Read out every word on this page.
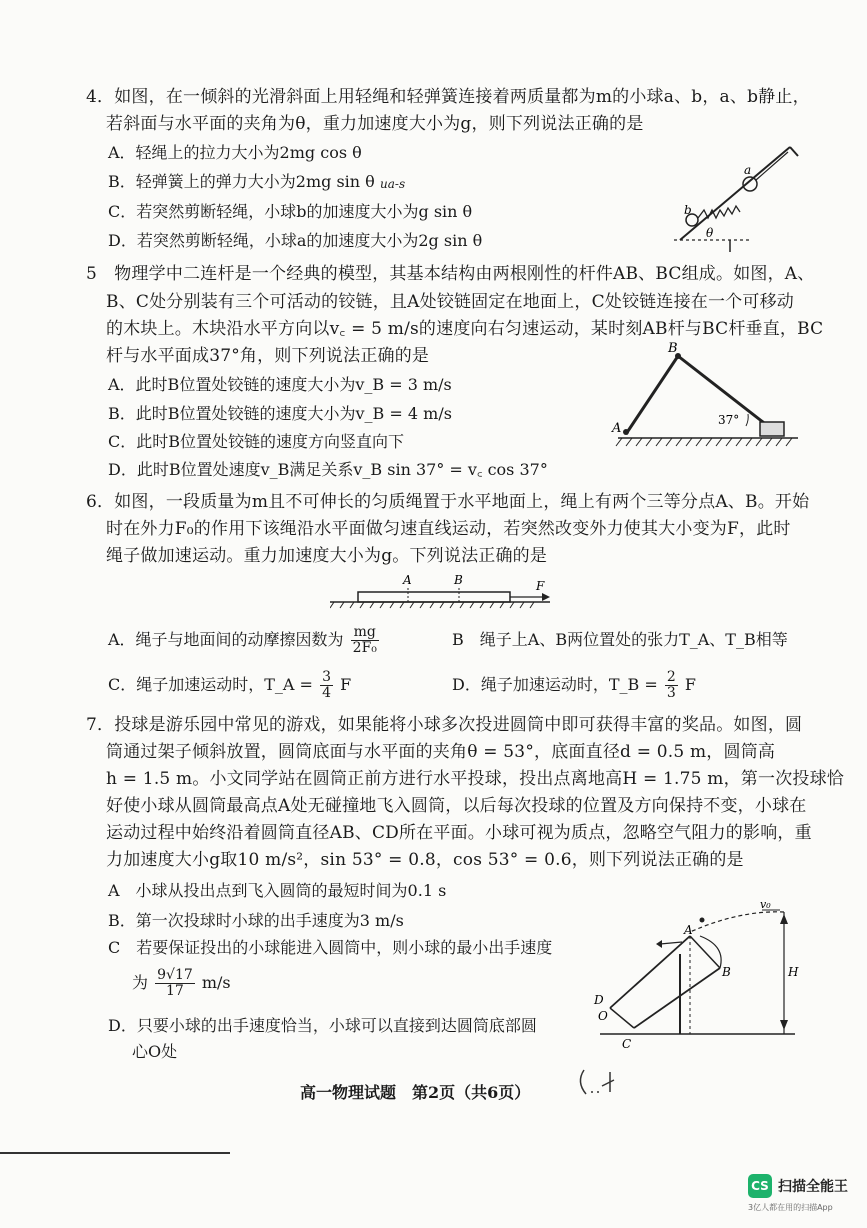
4．如图，在一倾斜的光滑斜面上用轻绳和轻弹簧连接着两质量都为m的小球a、b，a、b静止，
若斜面与水平面的夹角为θ，重力加速度大小为g，则下列说法正确的是
A．轻绳上的拉力大小为2mg cos θ
B．轻弹簧上的弹力大小为2mg sin θ ua-s
C．若突然剪断轻绳，小球b的加速度大小为g sin θ
D．若突然剪断轻绳，小球a的加速度大小为2g sin θ
b
a
θ
5　物理学中二连杆是一个经典的模型，其基本结构由两根刚性的杆件AB、BC组成。如图，A、
B、C处分别装有三个可活动的铰链，且A处铰链固定在地面上，C处铰链连接在一个可移动
的木块上。木块沿水平方向以v꜀ = 5 m/s的速度向右匀速运动，某时刻AB杆与BC杆垂直，BC
杆与水平面成37°角，则下列说法正确的是
A．此时B位置处铰链的速度大小为v_B = 3 m/s
B．此时B位置处铰链的速度大小为v_B = 4 m/s
C．此时B位置处铰链的速度方向竖直向下
D．此时B位置处速度v_B满足关系v_B sin 37° = v꜀ cos 37°
A
B
37°
6．如图，一段质量为m且不可伸长的匀质绳置于水平地面上，绳上有两个三等分点A、B。开始
时在外力F₀的作用下该绳沿水平面做匀速直线运动，若突然改变外力使其大小变为F，此时
绳子做加速运动。重力加速度大小为g。下列说法正确的是
A	B	F
A．绳子与地面间的动摩擦因数为 $\frac{mg}{\text{2F₀}}$	B　绳子上A、B两位置处的张力T_A、T_B相等
C．绳子加速运动时，T_A = $\frac{3}{4}$ F	D．绳子加速运动时，T_B = $\frac{2}{3}$ F
7．投球是游乐园中常见的游戏，如果能将小球多次投进圆筒中即可获得丰富的奖品。如图，圆
筒通过架子倾斜放置，圆筒底面与水平面的夹角θ = 53°，底面直径d = 0.5 m，圆筒高
h = 1.5 m。小文同学站在圆筒正前方进行水平投球，投出点离地高H = 1.75 m，第一次投球恰
好使小球从圆筒最高点A处无碰撞地飞入圆筒，以后每次投球的位置及方向保持不变，小球在
运动过程中始终沿着圆筒直径AB、CD所在平面。小球可视为质点，忽略空气阻力的影响，重
力加速度大小g取10 m/s²，sin 53° = 0.8，cos 53° = 0.6，则下列说法正确的是
A　小球从投出点到飞入圆筒的最短时间为0.1 s
B．第一次投球时小球的出手速度为3 m/s
C　若要保证投出的小球能进入圆筒中，则小球的最小出手速度
为 $\frac{9√17}{17} m/s$
D．只要小球的出手速度恰当，小球可以直接到达圆筒底部圆
心O处
v₀
A
B
D
O
C
H
高一物理试题　第2页（共6页）
CS 扫描全能王
3亿人都在用的扫描App
